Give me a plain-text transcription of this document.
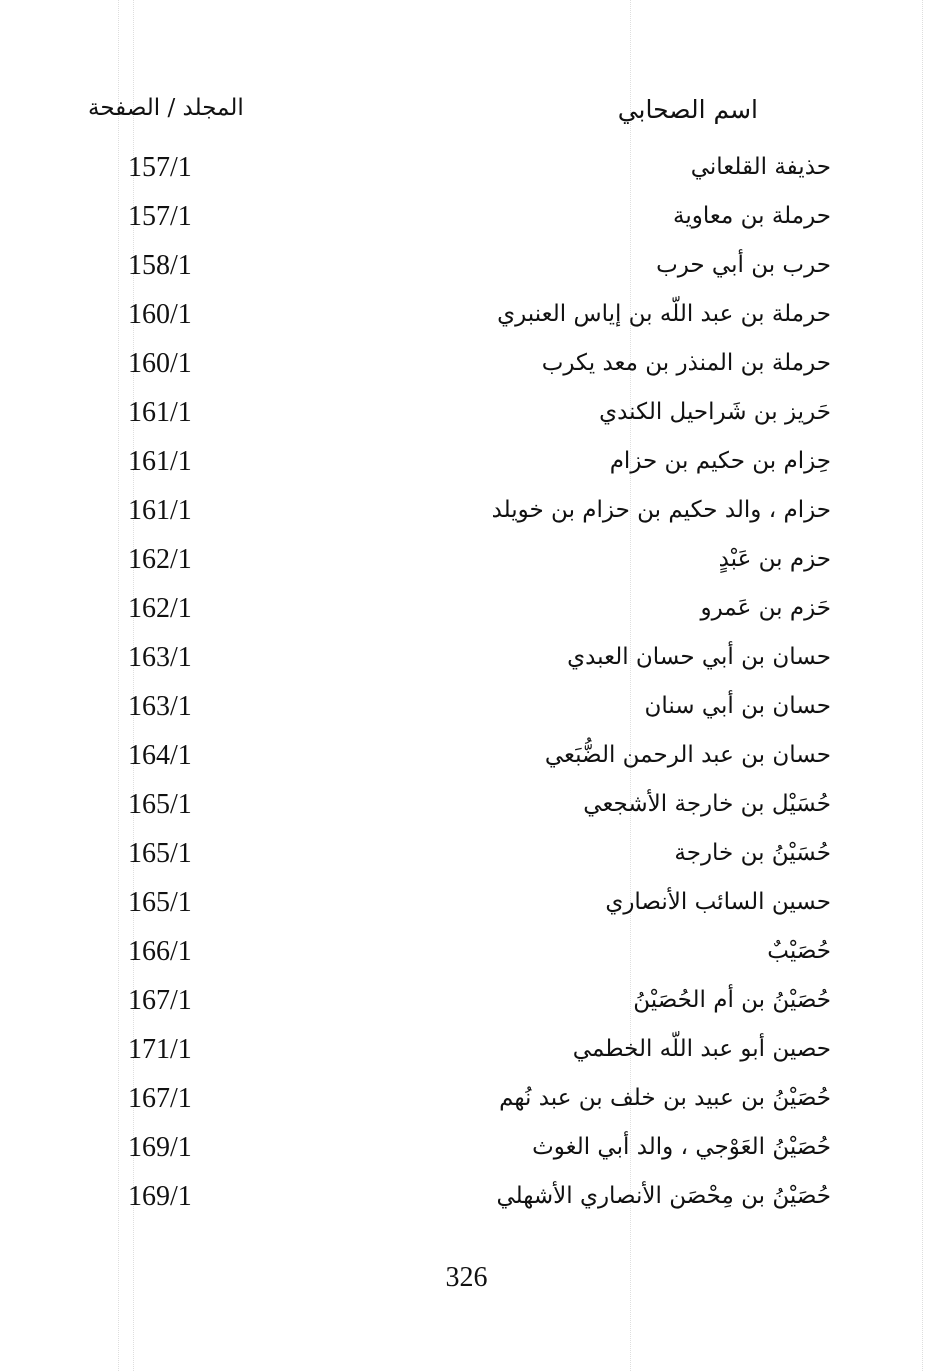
اسم الصحابي
المجلد / الصفحة
حذيفة القلعاني
157/1
حرملة بن معاوية
157/1
حرب بن أبي حرب
158/1
حرملة بن عبد اللّه بن إياس العنبري
160/1
حرملة بن المنذر بن معد يكرب
160/1
حَريز بن شَراحيل الكندي
161/1
حِزام بن حكيم بن حزام
161/1
حزام ، والد حكيم بن حزام بن خويلد
161/1
حزم بن عَبْدٍ
162/1
حَزم بن عَمرو
162/1
حسان بن أبي حسان العبدي
163/1
حسان بن أبي سنان
163/1
حسان بن عبد الرحمن الضُّبَعي
164/1
حُسَيْل بن خارجة الأشجعي
165/1
حُسَيْنُ بن خارجة
165/1
حسين السائب الأنصاري
165/1
حُصَيْبٌ
166/1
حُصَيْنُ بن أم الحُصَيْنُ
167/1
حصين أبو عبد اللّه الخطمي
171/1
حُصَيْنُ بن عبيد بن خلف بن عبد نُهم
167/1
حُصَيْنُ العَوْجي ، والد أبي الغوث
169/1
حُصَيْنُ بن مِحْصَن الأنصاري الأشهلي
169/1
326
